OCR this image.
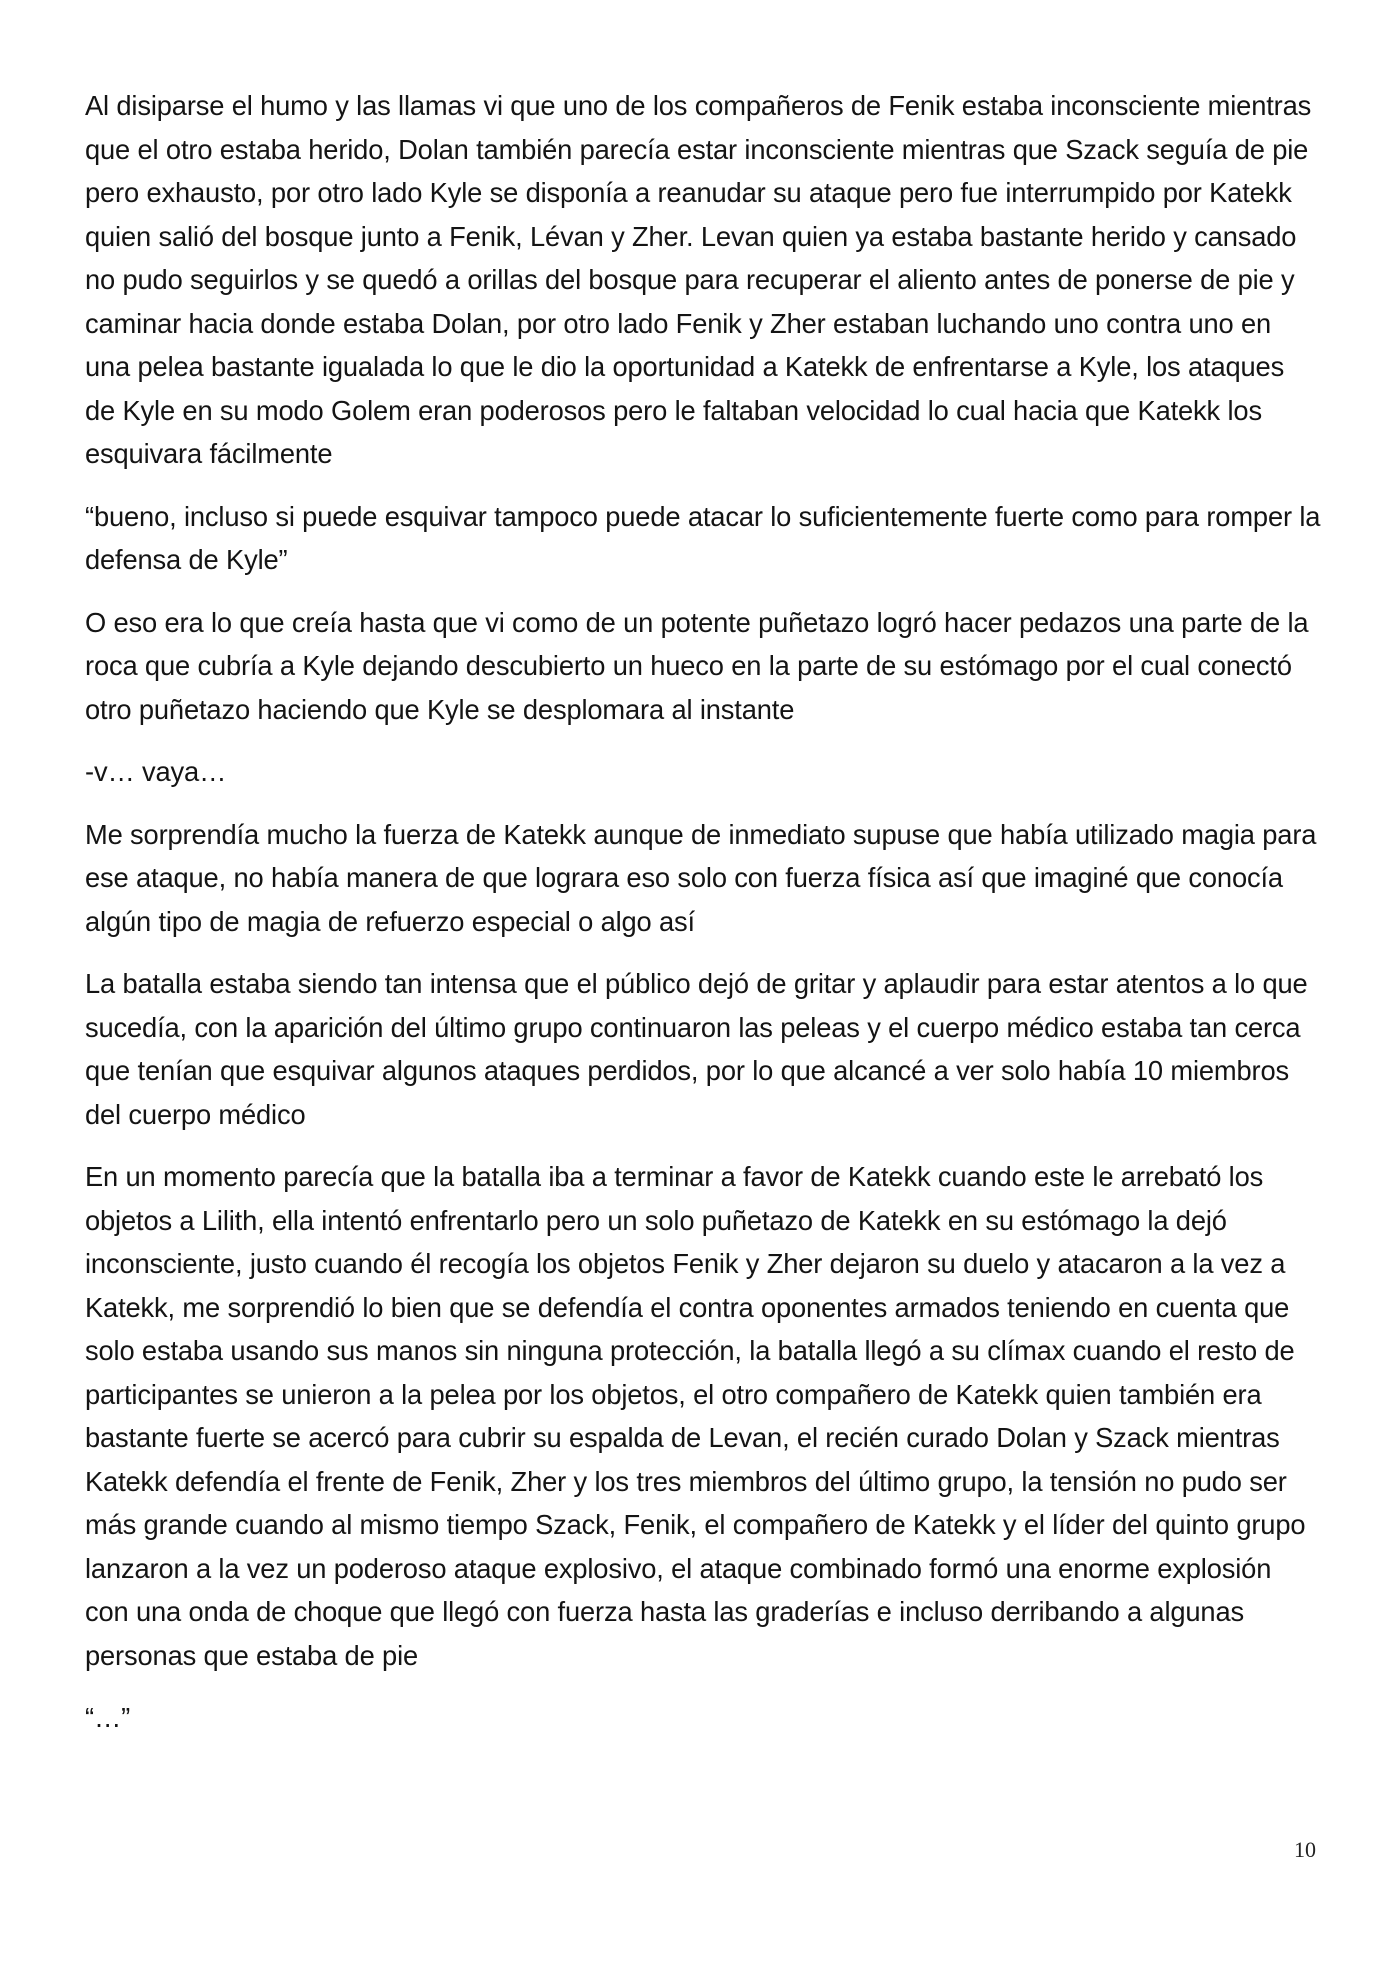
Al disiparse el humo y las llamas vi que uno de los compañeros de Fenik estaba inconsciente mientras que el otro estaba herido, Dolan también parecía estar inconsciente mientras que Szack seguía de pie pero exhausto, por otro lado Kyle se disponía a reanudar su ataque pero fue interrumpido por Katekk quien salió del bosque junto a Fenik, Lévan y Zher. Levan quien ya estaba bastante herido y cansado no pudo seguirlos y se quedó a orillas del bosque para recuperar el aliento antes de ponerse de pie y caminar hacia donde estaba Dolan, por otro lado Fenik y Zher estaban luchando uno contra uno en una pelea bastante igualada lo que le dio la oportunidad a Katekk de enfrentarse a Kyle, los ataques de Kyle en su modo Golem eran poderosos pero le faltaban velocidad lo cual hacia que Katekk los esquivara fácilmente

“bueno, incluso si puede esquivar tampoco puede atacar lo suficientemente fuerte como para romper la defensa de Kyle”

O eso era lo que creía hasta que vi como de un potente puñetazo logró hacer pedazos una parte de la roca que cubría a Kyle dejando descubierto un hueco en la parte de su estómago por el cual conectó otro puñetazo haciendo que Kyle se desplomara al instante

-v… vaya…

Me sorprendía mucho la fuerza de Katekk aunque de inmediato supuse que había utilizado magia para ese ataque, no había manera de que lograra eso solo con fuerza física así que imaginé que conocía algún tipo de magia de refuerzo especial o algo así

La batalla estaba siendo tan intensa que el público dejó de gritar y aplaudir para estar atentos a lo que sucedía, con la aparición del último grupo continuaron las peleas y el cuerpo médico estaba tan cerca que tenían que esquivar algunos ataques perdidos, por lo que alcancé a ver solo había 10 miembros del cuerpo médico

En un momento parecía que la batalla iba a terminar a favor de Katekk cuando este le arrebató los objetos a Lilith, ella intentó enfrentarlo pero un solo puñetazo de Katekk en su estómago la dejó inconsciente, justo cuando él recogía los objetos Fenik y Zher dejaron su duelo y atacaron a la vez a Katekk, me sorprendió lo bien que se defendía el contra oponentes armados teniendo en cuenta que solo estaba usando sus manos sin ninguna protección, la batalla llegó a su clímax cuando el resto de participantes se unieron a la pelea por los objetos, el otro compañero de Katekk quien también era bastante fuerte se acercó para cubrir su espalda de Levan, el recién curado Dolan y Szack mientras Katekk defendía el frente de Fenik, Zher y los tres miembros del último grupo, la tensión no pudo ser más grande cuando al mismo tiempo Szack, Fenik, el compañero de Katekk y el líder del quinto grupo lanzaron a la vez un poderoso ataque explosivo, el ataque combinado formó una enorme explosión con una onda de choque que llegó con fuerza hasta las graderías e incluso derribando a algunas personas que estaba de pie

“…”

10
